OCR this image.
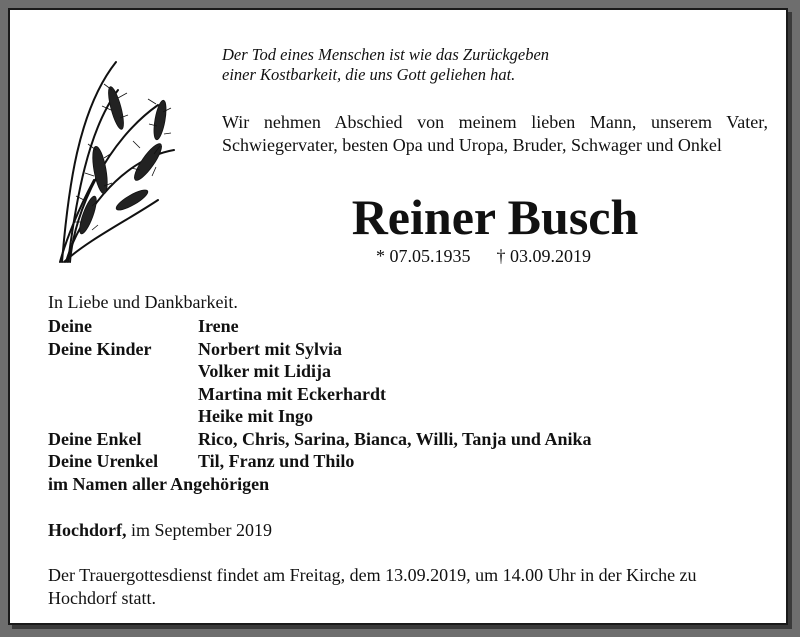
Der Tod eines Menschen ist wie das Zurückgeben
einer Kostbarkeit, die uns Gott geliehen hat.
Wir nehmen Abschied von meinem lieben Mann, unserem Vater, Schwiegervater, besten Opa und Uropa, Bruder, Schwager und Onkel
Reiner Busch
* 07.05.1935 † 03.09.2019
In Liebe und Dankbarkeit.
Deine	Irene
Deine Kinder	Norbert mit Sylvia
Volker mit Lidija
Martina mit Eckerhardt
Heike mit Ingo
Deine Enkel	Rico, Chris, Sarina, Bianca, Willi, Tanja und Anika
Deine Urenkel	Til, Franz und Thilo
im Namen aller Angehörigen
Hochdorf, im September 2019
Der Trauergottesdienst findet am Freitag, dem 13.09.2019, um 14.00 Uhr in der Kirche zu Hochdorf statt.
